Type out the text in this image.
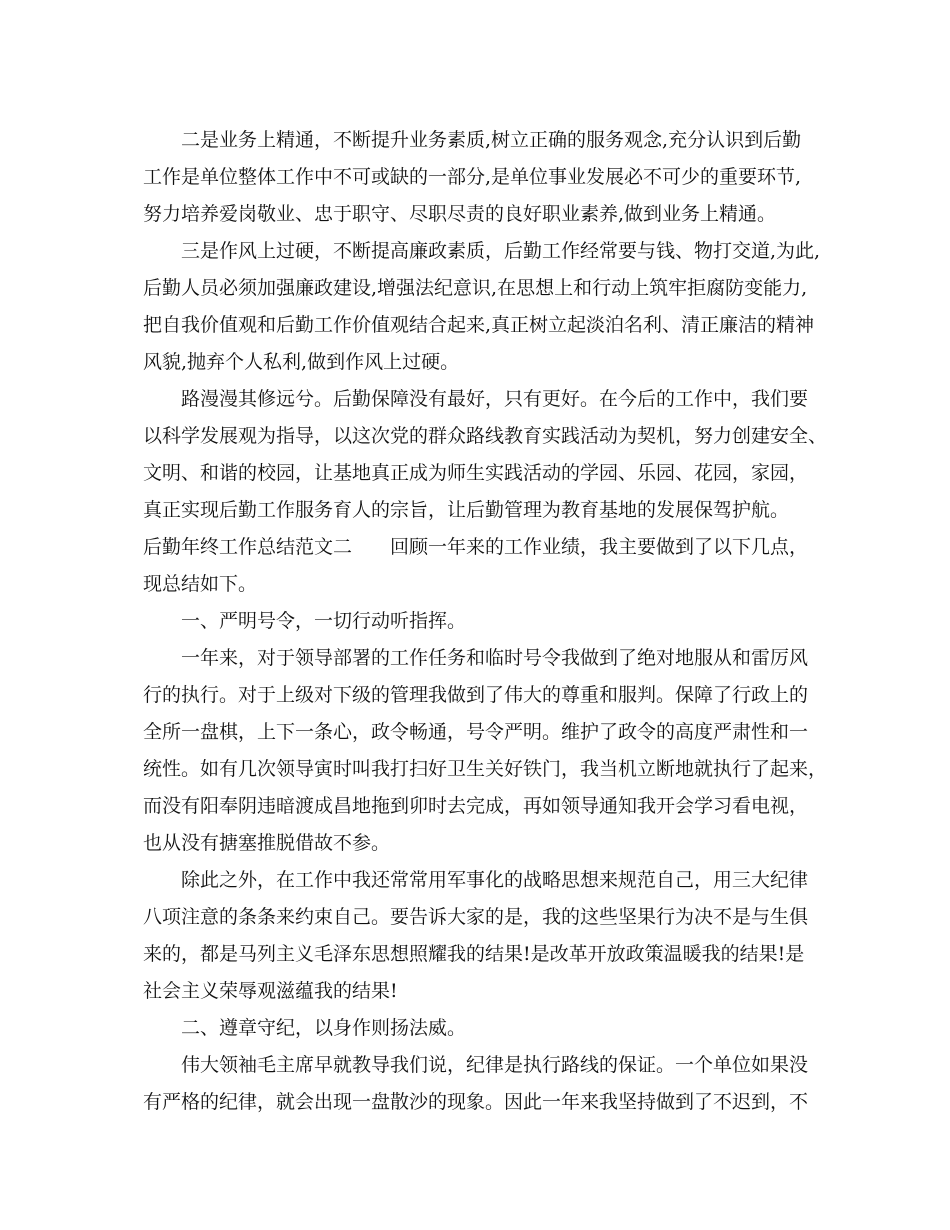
二是业务上精通，不断提升业务素质,树立正确的服务观念,充分认识到后勤
工作是单位整体工作中不可或缺的一部分,是单位事业发展必不可少的重要环节,
努力培养爱岗敬业、忠于职守、尽职尽责的良好职业素养,做到业务上精通。
三是作风上过硬，不断提高廉政素质，后勤工作经常要与钱、物打交道,为此,
后勤人员必须加强廉政建设,增强法纪意识,在思想上和行动上筑牢拒腐防变能力,
把自我价值观和后勤工作价值观结合起来,真正树立起淡泊名利、清正廉洁的精神
风貌,抛弃个人私利,做到作风上过硬。
路漫漫其修远兮。后勤保障没有最好，只有更好。在今后的工作中，我们要
以科学发展观为指导，以这次党的群众路线教育实践活动为契机，努力创建安全、
文明、和谐的校园，让基地真正成为师生实践活动的学园、乐园、花园，家园，
真正实现后勤工作服务育人的宗旨，让后勤管理为教育基地的发展保驾护航。
后勤年终工作总结范文二　　回顾一年来的工作业绩，我主要做到了以下几点，
现总结如下。
一、严明号令，一切行动听指挥。
一年来，对于领导部署的工作任务和临时号令我做到了绝对地服从和雷厉风
行的执行。对于上级对下级的管理我做到了伟大的尊重和服判。保障了行政上的
全所一盘棋，上下一条心，政令畅通，号令严明。维护了政令的高度严肃性和一
统性。如有几次领导寅时叫我打扫好卫生关好铁门，我当机立断地就执行了起来，
而没有阳奉阴违暗渡成昌地拖到卯时去完成，再如领导通知我开会学习看电视，
也从没有搪塞推脱借故不参。
除此之外，在工作中我还常常用军事化的战略思想来规范自己，用三大纪律
八项注意的条条来约束自己。要告诉大家的是，我的这些坚果行为决不是与生俱
来的，都是马列主义毛泽东思想照耀我的结果!是改革开放政策温暖我的结果!是
社会主义荣辱观滋蕴我的结果!
二、遵章守纪，以身作则扬法威。
伟大领袖毛主席早就教导我们说，纪律是执行路线的保证。一个单位如果没
有严格的纪律，就会出现一盘散沙的现象。因此一年来我坚持做到了不迟到，不
